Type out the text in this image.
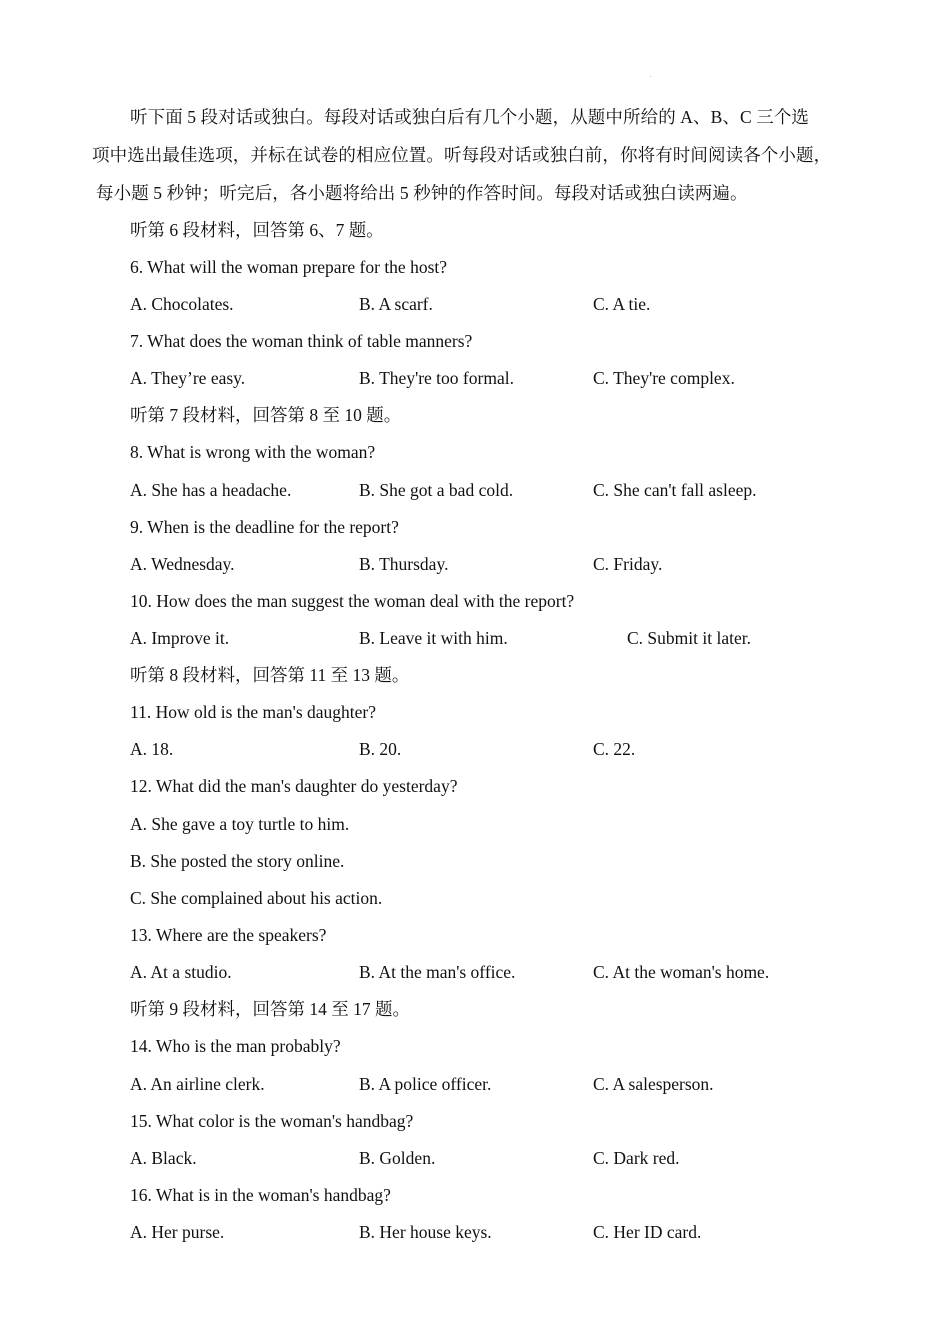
听下面 5 段对话或独白。每段对话或独白后有几个小题，从题中所给的 A、B、C 三个选

项中选出最佳选项，并标在试卷的相应位置。听每段对话或独白前，你将有时间阅读各个小题，

每小题 5 秒钟；听完后，各小题将给出 5 秒钟的作答时间。每段对话或独白读两遍。

听第 6 段材料，回答第 6、7 题。
6. What will the woman prepare for the host?
A. Chocolates.	B. A scarf.	C. A tie.
7. What does the woman think of table manners?
A. They’re easy.	B. They're too formal.	C. They're complex.
听第 7 段材料，回答第 8 至 10 题。
8. What is wrong with the woman?
A. She has a headache.	B. She got a bad cold.	C. She can't fall asleep.
9. When is the deadline for the report?
A. Wednesday.	B. Thursday.	C. Friday.
10. How does the man suggest the woman deal with the report?
A. Improve it.	B. Leave it with him.	C. Submit it later.
听第 8 段材料，回答第 11 至 13 题。
11. How old is the man's daughter?
A. 18.	B. 20.	C. 22.
12. What did the man's daughter do yesterday?
A. She gave a toy turtle to him.
B. She posted the story online.
C. She complained about his action.
13. Where are the speakers?
A. At a studio.	B. At the man's office.	C. At the woman's home.
听第 9 段材料，回答第 14 至 17 题。
14. Who is the man probably?
A. An airline clerk.	B. A police officer.	C. A salesperson.
15. What color is the woman's handbag?
A. Black.	B. Golden.	C. Dark red.
16. What is in the woman's handbag?
A. Her purse.	B. Her house keys.	C. Her ID card.
